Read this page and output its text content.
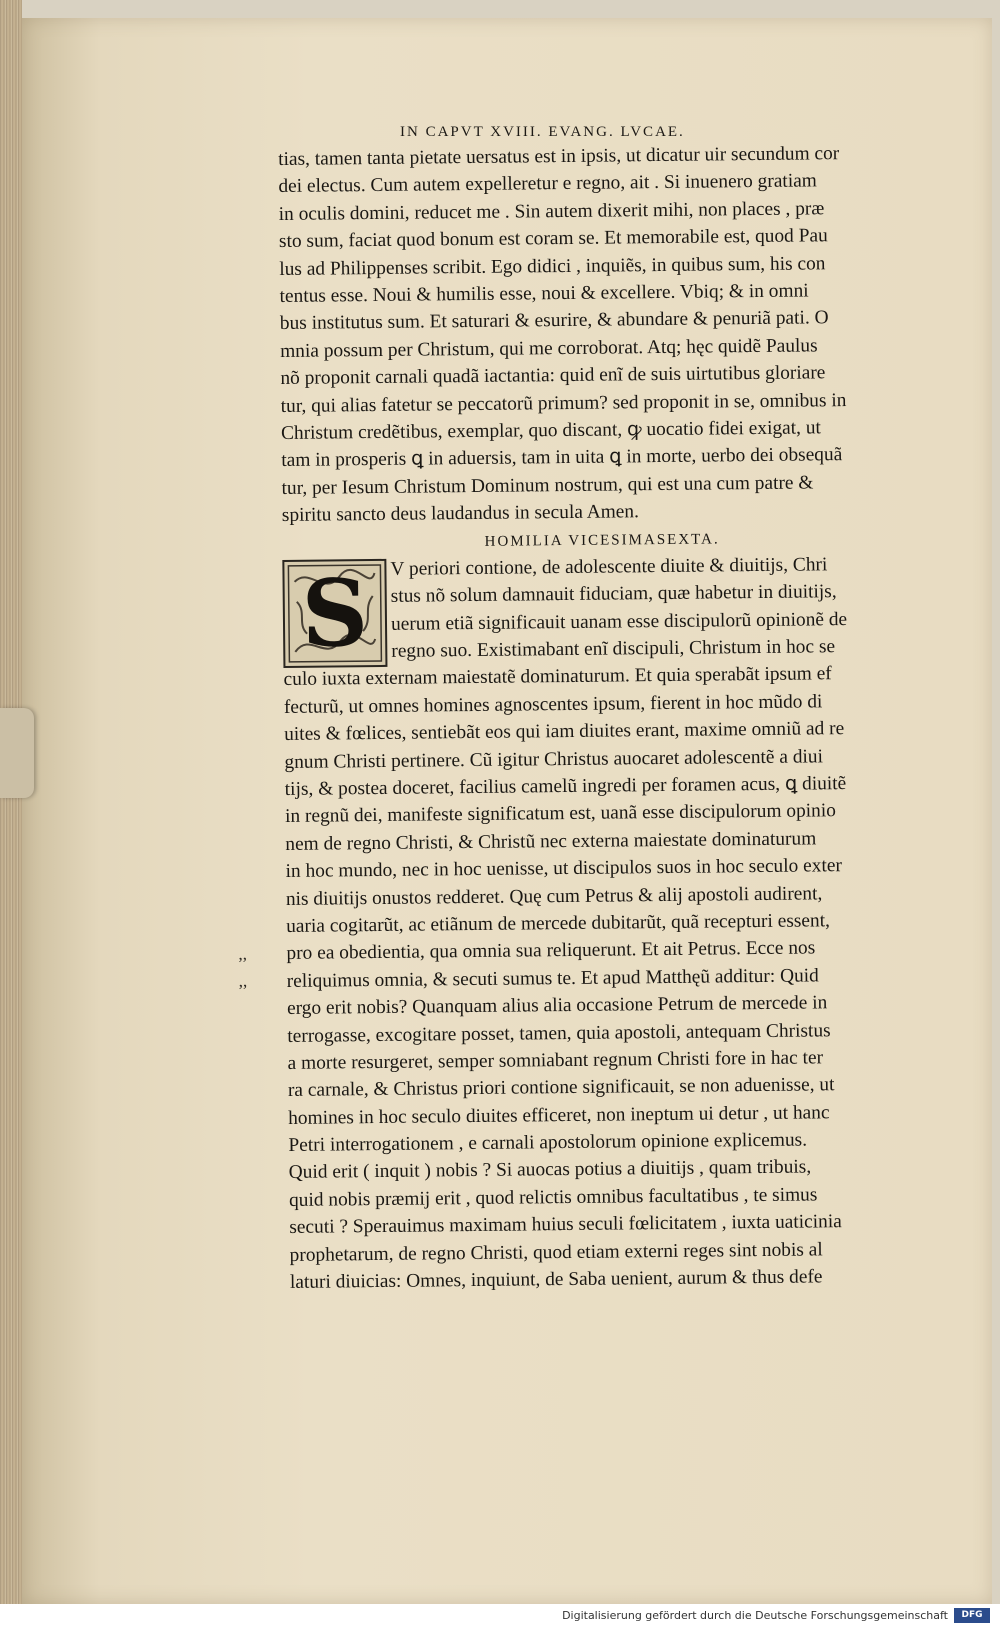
IN CAPVT XVIII. EVANG. LVCAE.
tias, tamen tanta pietate uersatus est in ipsis, ut dicatur uir secundum cor
dei electus. Cum autem expelleretur e regno, ait . Si inuenero gratiam
in oculis domini, reducet me . Sin autem dixerit mihi, non places , præ
sto sum, faciat quod bonum est coram se. Et memorabile est, quod Pau
lus ad Philippenses scribit. Ego didici , inquiẽs, in quibus sum, his con
tentus esse. Noui & humilis esse, noui & excellere. Vbiq; & in omni
bus institutus sum. Et saturari & esurire, & abundare & penuriã pati. O
mnia possum per Christum, qui me corroborat. Atq; hęc quidẽ Paulus
nõ proponit carnali quadã iactantia: quid enĩ de suis uirtutibus gloriare
tur, qui alias fatetur se peccatorũ primum? sed proponit in se, omnibus in
Christum credẽtibus, exemplar, quo discant, ꝙ uocatio fidei exigat, ut
tam in prosperis ꝗ in aduersis, tam in uita ꝗ in morte, uerbo dei obsequã
tur, per Iesum Christum Dominum nostrum, qui est una cum patre &
spiritu sancto deus laudandus in secula Amen.
HOMILIA VICESIMASEXTA.
S	V periori contione, de adolescente diuite & diuitijs, Chri
stus nõ solum damnauit fiduciam, quæ habetur in diuitijs,
uerum etiã significauit uanam esse discipulorũ opinionẽ de
regno suo. Existimabant enĩ discipuli, Christum in hoc se
,,
,,
culo iuxta externam maiestatẽ dominaturum. Et quia sperabãt ipsum ef
fecturũ, ut omnes homines agnoscentes ipsum, fierent in hoc mũdo di
uites & fœlices, sentiebãt eos qui iam diuites erant, maxime omniũ ad re
gnum Christi pertinere. Cũ igitur Christus auocaret adolescentẽ a diui
tijs, & postea doceret, facilius camelũ ingredi per foramen acus, ꝗ diuitẽ
in regnũ dei, manifeste significatum est, uanã esse discipulorum opinio
nem de regno Christi, & Christũ nec externa maiestate dominaturum
in hoc mundo, nec in hoc uenisse, ut discipulos suos in hoc seculo exter
nis diuitijs onustos redderet. Quę cum Petrus & alij apostoli audirent,
uaria cogitarũt, ac etiãnum de mercede dubitarũt, quã recepturi essent,
pro ea obedientia, qua omnia sua reliquerunt. Et ait Petrus. Ecce nos
reliquimus omnia, & secuti sumus te. Et apud Matthęũ additur: Quid
ergo erit nobis? Quanquam alius alia occasione Petrum de mercede in
terrogasse, excogitare posset, tamen, quia apostoli, antequam Christus
a morte resurgeret, semper somniabant regnum Christi fore in hac ter
ra carnale, & Christus priori contione significauit, se non aduenisse, ut
homines in hoc seculo diuites efficeret, non ineptum ui detur , ut hanc
Petri interrogationem , e carnali apostolorum opinione explicemus.
Quid erit ( inquit ) nobis ? Si auocas potius a diuitijs , quam tribuis,
quid nobis præmij erit , quod relictis omnibus facultatibus , te simus
secuti ? Sperauimus maximam huius seculi fœlicitatem , iuxta uaticinia
prophetarum, de regno Christi, quod etiam externi reges sint nobis al
laturi diuicias: Omnes, inquiunt, de Saba uenient, aurum & thus defe
Digitalisierung gefördert durch die Deutsche Forschungsgemeinschaft	DFG
